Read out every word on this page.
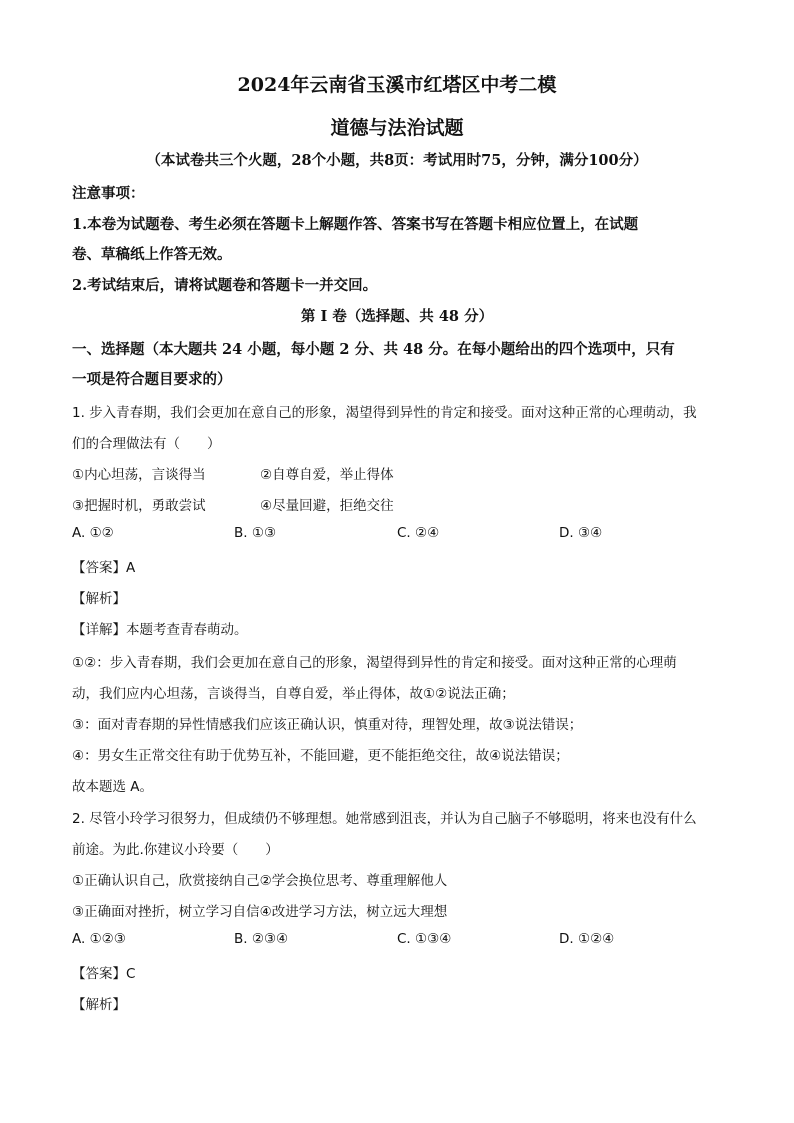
2024年云南省玉溪市红塔区中考二模
道德与法治试题
（本试卷共三个火题，28个小题，共8页：考试用时75，分钟，满分100分）
注意事项：
1.本卷为试题卷、考生必须在答题卡上解题作答、答案书写在答题卡相应位置上，在试题
卷、草稿纸上作答无效。
2.考试结束后，请将试题卷和答题卡一并交回。
第 I 卷（选择题、共 48 分）
一、选择题（本大题共 24 小题，每小题 2 分、共 48 分。在每小题给出的四个选项中，只有
一项是符合题目要求的）
1. 步入青春期，我们会更加在意自己的形象，渴望得到异性的肯定和接受。面对这种正常的心理萌动，我
们的合理做法有（　　）
①内心坦荡，言谈得当	②自尊自爱，举止得体
③把握时机，勇敢尝试	④尽量回避，拒绝交往
A. ①②	B. ①③	C. ②④	D. ③④
【答案】A
【解析】
【详解】本题考查青春萌动。
①②：步入青春期，我们会更加在意自己的形象，渴望得到异性的肯定和接受。面对这种正常的心理萌
动，我们应内心坦荡，言谈得当，自尊自爱，举止得体，故①②说法正确；
③：面对青春期的异性情感我们应该正确认识，慎重对待，理智处理，故③说法错误；
④：男女生正常交往有助于优势互补，不能回避，更不能拒绝交往，故④说法错误；
故本题选 A。
2. 尽管小玲学习很努力，但成绩仍不够理想。她常感到沮丧，并认为自己脑子不够聪明，将来也没有什么
前途。为此.你建议小玲要（　　）
①正确认识自己，欣赏接纳自己②学会换位思考、尊重理解他人
③正确面对挫折，树立学习自信④改进学习方法，树立远大理想
A. ①②③	B. ②③④	C. ①③④	D. ①②④
【答案】C
【解析】
